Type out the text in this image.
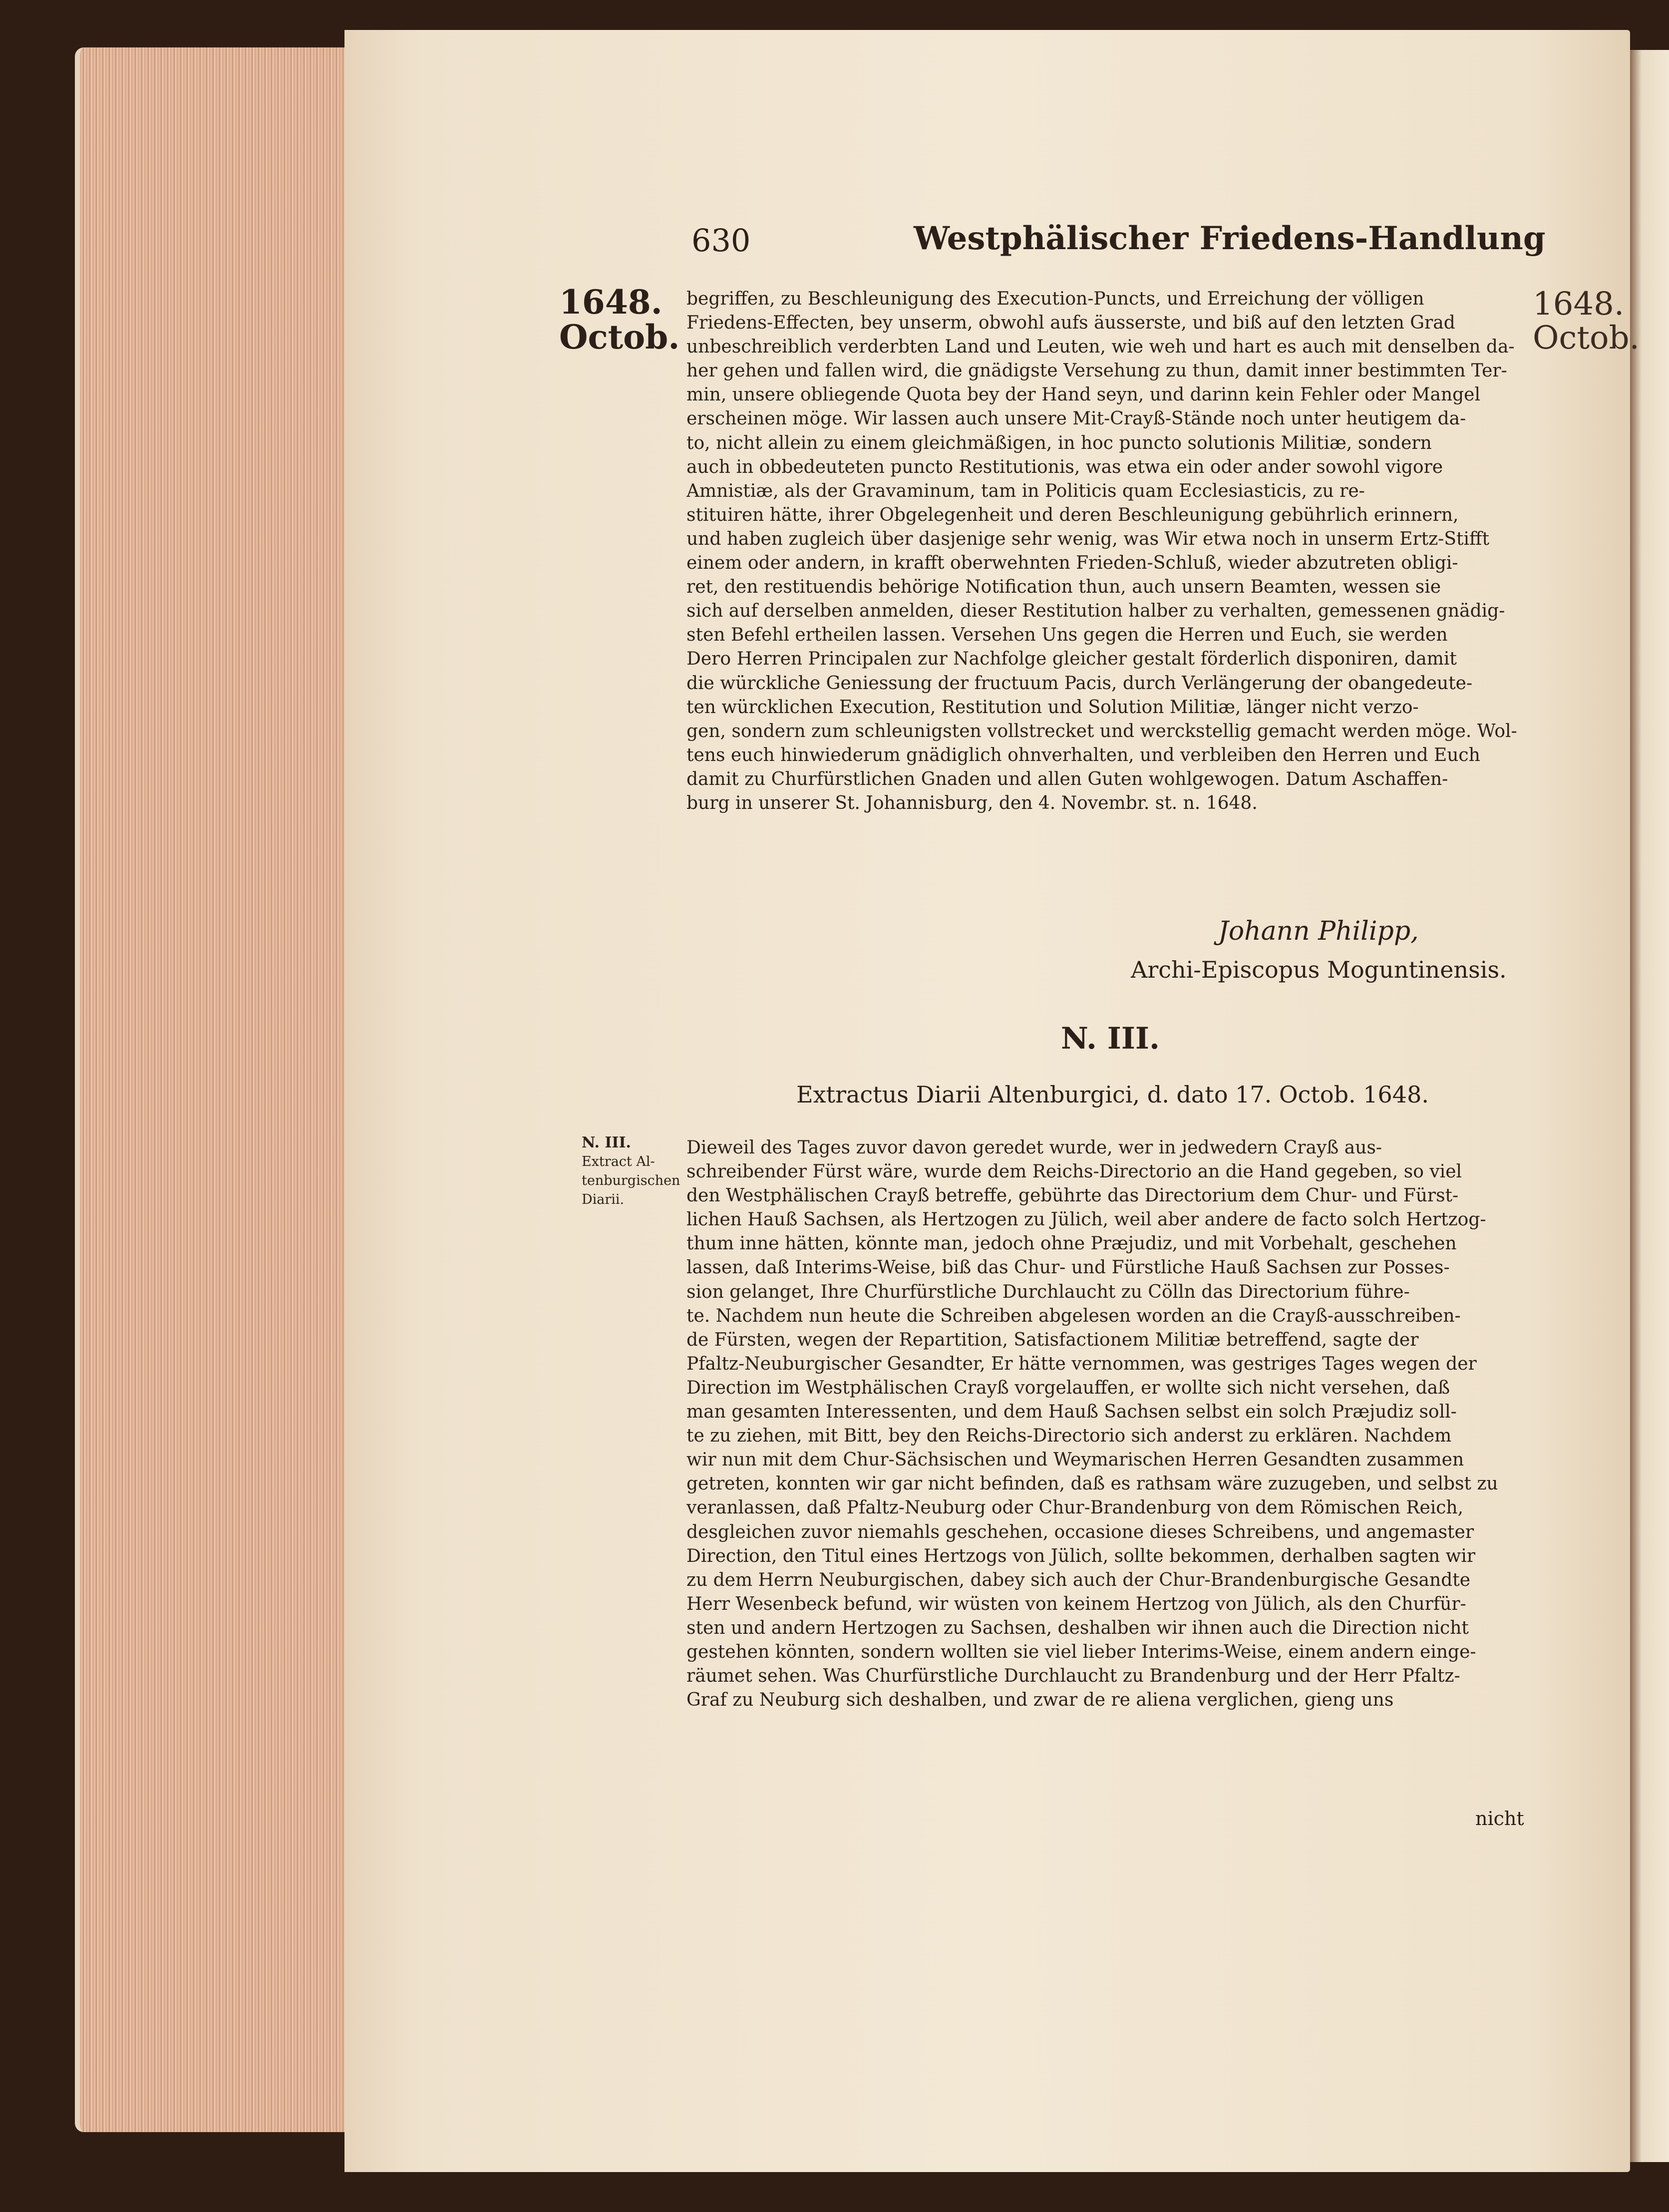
630	Westphälischer Friedens-Handlung
1648.
Octob.
1648.
Octob.
begriffen, zu Beschleunigung des Execution-Puncts, und Erreichung der völligen
Friedens-Effecten, bey unserm, obwohl aufs äusserste, und biß auf den letzten Grad
unbeschreiblich verderbten Land und Leuten, wie weh und hart es auch mit denselben da-
her gehen und fallen wird, die gnädigste Versehung zu thun, damit inner bestimmten Ter-
min, unsere obliegende Quota bey der Hand seyn, und darinn kein Fehler oder Mangel
erscheinen möge. Wir lassen auch unsere Mit-Crayß-Stände noch unter heutigem da-
to, nicht allein zu einem gleichmäßigen, in hoc puncto solutionis Militiæ, sondern
auch in obbedeuteten puncto Restitutionis, was etwa ein oder ander sowohl vigore
Amnistiæ, als der Gravaminum, tam in Politicis quam Ecclesiasticis, zu re-
stituiren hätte, ihrer Obgelegenheit und deren Beschleunigung gebührlich erinnern,
und haben zugleich über dasjenige sehr wenig, was Wir etwa noch in unserm Ertz-Stifft
einem oder andern, in krafft oberwehnten Frieden-Schluß, wieder abzutreten obligi-
ret, den restituendis behörige Notification thun, auch unsern Beamten, wessen sie
sich auf derselben anmelden, dieser Restitution halber zu verhalten, gemessenen gnädig-
sten Befehl ertheilen lassen. Versehen Uns gegen die Herren und Euch, sie werden
Dero Herren Principalen zur Nachfolge gleicher gestalt förderlich disponiren, damit
die würckliche Geniessung der fructuum Pacis, durch Verlängerung der obangedeute-
ten würcklichen Execution, Restitution und Solution Militiæ, länger nicht verzo-
gen, sondern zum schleunigsten vollstrecket und werckstellig gemacht werden möge. Wol-
tens euch hinwiederum gnädiglich ohnverhalten, und verbleiben den Herren und Euch
damit zu Churfürstlichen Gnaden und allen Guten wohlgewogen. Datum Aschaffen-
burg in unserer St. Johannisburg, den 4. Novembr. st. n. 1648.
Johann Philipp,
Archi-Episcopus Moguntinensis.
N. III.
Extractus Diarii Altenburgici, d. dato 17. Octob. 1648.
N. III.
Extract Al-
tenburgischen
Diarii.
Dieweil des Tages zuvor davon geredet wurde, wer in jedwedern Crayß aus-
schreibender Fürst wäre, wurde dem Reichs-Directorio an die Hand gegeben, so viel
den Westphälischen Crayß betreffe, gebührte das Directorium dem Chur- und Fürst-
lichen Hauß Sachsen, als Hertzogen zu Jülich, weil aber andere de facto solch Hertzog-
thum inne hätten, könnte man, jedoch ohne Præjudiz, und mit Vorbehalt, geschehen
lassen, daß Interims-Weise, biß das Chur- und Fürstliche Hauß Sachsen zur Posses-
sion gelanget, Ihre Churfürstliche Durchlaucht zu Cölln das Directorium führe-
te. Nachdem nun heute die Schreiben abgelesen worden an die Crayß-ausschreiben-
de Fürsten, wegen der Repartition, Satisfactionem Militiæ betreffend, sagte der
Pfaltz-Neuburgischer Gesandter, Er hätte vernommen, was gestriges Tages wegen der
Direction im Westphälischen Crayß vorgelauffen, er wollte sich nicht versehen, daß
man gesamten Interessenten, und dem Hauß Sachsen selbst ein solch Præjudiz soll-
te zu ziehen, mit Bitt, bey den Reichs-Directorio sich anderst zu erklären. Nachdem
wir nun mit dem Chur-Sächsischen und Weymarischen Herren Gesandten zusammen
getreten, konnten wir gar nicht befinden, daß es rathsam wäre zuzugeben, und selbst zu
veranlassen, daß Pfaltz-Neuburg oder Chur-Brandenburg von dem Römischen Reich,
desgleichen zuvor niemahls geschehen, occasione dieses Schreibens, und angemaster
Direction, den Titul eines Hertzogs von Jülich, sollte bekommen, derhalben sagten wir
zu dem Herrn Neuburgischen, dabey sich auch der Chur-Brandenburgische Gesandte
Herr Wesenbeck befund, wir wüsten von keinem Hertzog von Jülich, als den Churfür-
sten und andern Hertzogen zu Sachsen, deshalben wir ihnen auch die Direction nicht
gestehen könnten, sondern wollten sie viel lieber Interims-Weise, einem andern einge-
räumet sehen. Was Churfürstliche Durchlaucht zu Brandenburg und der Herr Pfaltz-
Graf zu Neuburg sich deshalben, und zwar de re aliena verglichen, gieng uns
nicht
